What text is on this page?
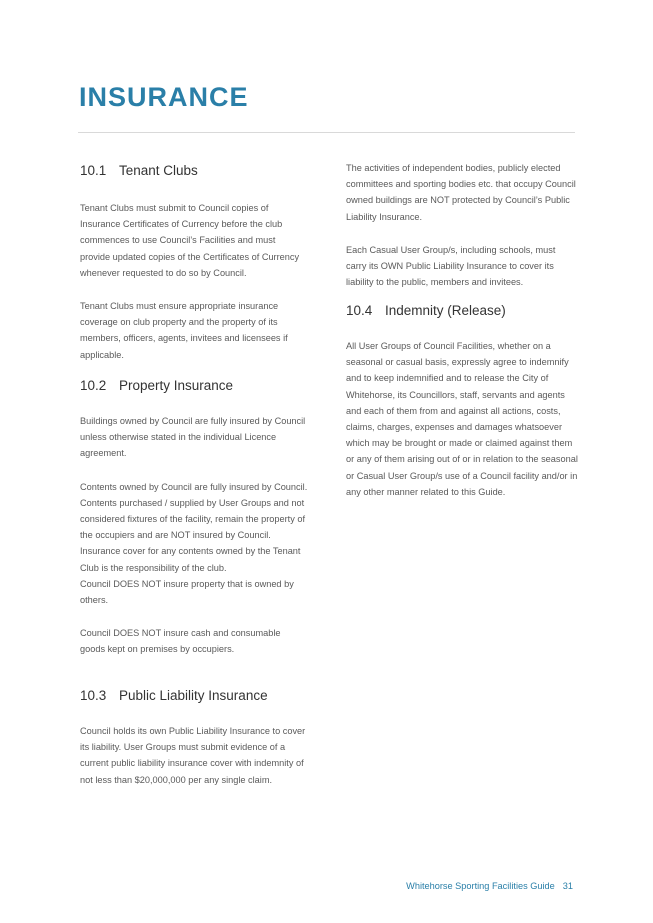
INSURANCE
10.1 Tenant Clubs

Tenant Clubs must submit to Council copies of Insurance Certificates of Currency before the club commences to use Council’s Facilities and must provide updated copies of the Certificates of Currency whenever requested to do so by Council.

Tenant Clubs must ensure appropriate insurance coverage on club property and the property of its members, officers, agents, invitees and licensees if applicable.

10.2 Property Insurance

Buildings owned by Council are fully insured by Council unless otherwise stated in the individual Licence agreement.

Contents owned by Council are fully insured by Council. Contents purchased / supplied by User Groups and not considered fixtures of the facility, remain the property of the occupiers and are NOT insured by Council. Insurance cover for any contents owned by the Tenant Club is the responsibility of the club.

Council DOES NOT insure property that is owned by others.

Council DOES NOT insure cash and consumable goods kept on premises by occupiers.

10.3 Public Liability Insurance

Council holds its own Public Liability Insurance to cover its liability. User Groups must submit evidence of a current public liability insurance cover with indemnity of not less than $20,000,000 per any single claim.

The activities of independent bodies, publicly elected committees and sporting bodies etc. that occupy Council owned buildings are NOT protected by Council’s Public Liability Insurance.

Each Casual User Group/s, including schools, must carry its OWN Public Liability Insurance to cover its liability to the public, members and invitees.

10.4 Indemnity (Release)

All User Groups of Council Facilities, whether on a seasonal or casual basis, expressly agree to indemnify and to keep indemnified and to release the City of Whitehorse, its Councillors, staff, servants and agents and each of them from and against all actions, costs, claims, charges, expenses and damages whatsoever which may be brought or made or claimed against them or any of them arising out of or in relation to the seasonal or Casual User Group/s use of a Council facility and/or in any other manner related to this Guide.

Whitehorse Sporting Facilities Guide 31
